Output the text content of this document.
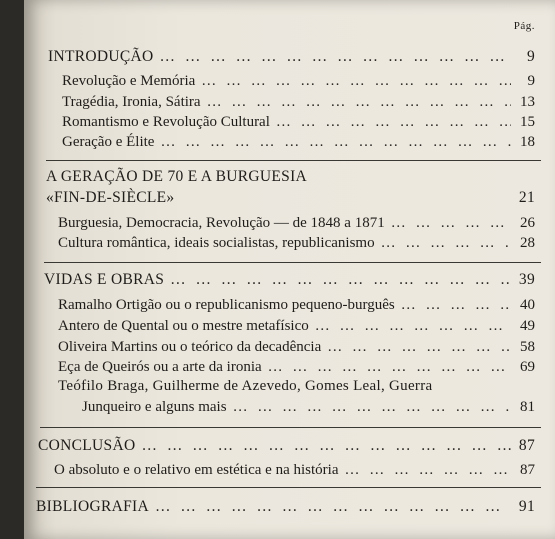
Pág.
INTRODUÇÃO … … … … … … … … … … … … … … … … … … … … … … … … … … … … … … … … … … … …	9
Revolução e Memória … … … … … … … … … … … … … … … … … … … … … … … … … … … … … … … … … … … …	9
Tragédia, Ironia, Sátira … … … … … … … … … … … … … … … … … … … … … … … … … … … … … … … … … … … …	13
Romantismo e Revolução Cultural … … … … … … … … … … … … … … … … … … … … … … … … … … … … … … … … … … … …	15
Geração e Élite … … … … … … … … … … … … … … … … … … … … … … … … … … … … … … … … … … … …	18
A GERAÇÃO DE 70 E A BURGUESIA
«FIN-DE-SIÈCLE»	21
Burguesia, Democracia, Revolução — de 1848 a 1871 … … … … … … … … … … … … … … … … … … … … … … … … … … … … … … … … … … … …	26
Cultura romântica, ideais socialistas, republicanismo … … … … … … … … … … … … … … … … … … … … … … … … … … … … … … … … … … … …	28
VIDAS E OBRAS … … … … … … … … … … … … … … … … … … … … … … … … … … … … … … … … … … … …	39
Ramalho Ortigão ou o republicanismo pequeno-burguês … … … … … … … … … … … … … … … … … … … … … … … … … … … … … … … … … … … …	40
Antero de Quental ou o mestre metafísico … … … … … … … … … … … … … … … … … … … … … … … … … … … … … … … … … … … …	49
Oliveira Martins ou o teórico da decadência … … … … … … … … … … … … … … … … … … … … … … … … … … … … … … … … … … … …	58
Eça de Queirós ou a arte da ironia … … … … … … … … … … … … … … … … … … … … … … … … … … … … … … … … … … … …	69
Teófilo Braga, Guilherme de Azevedo, Gomes Leal, Guerra
Junqueiro e alguns mais … … … … … … … … … … … … … … … … … … … … … … … … … … … … … … … … … … … …	81
CONCLUSÃO … … … … … … … … … … … … … … … … … … … … … … … … … … … … … … … … … … … …	87
O absoluto e o relativo em estética e na história … … … … … … … … … … … … … … … … … … … … … … … … … … … … … … … … … … … …	87
BIBLIOGRAFIA … … … … … … … … … … … … … … … … … … … … … … … … … … … … … … … … … … … …	91
